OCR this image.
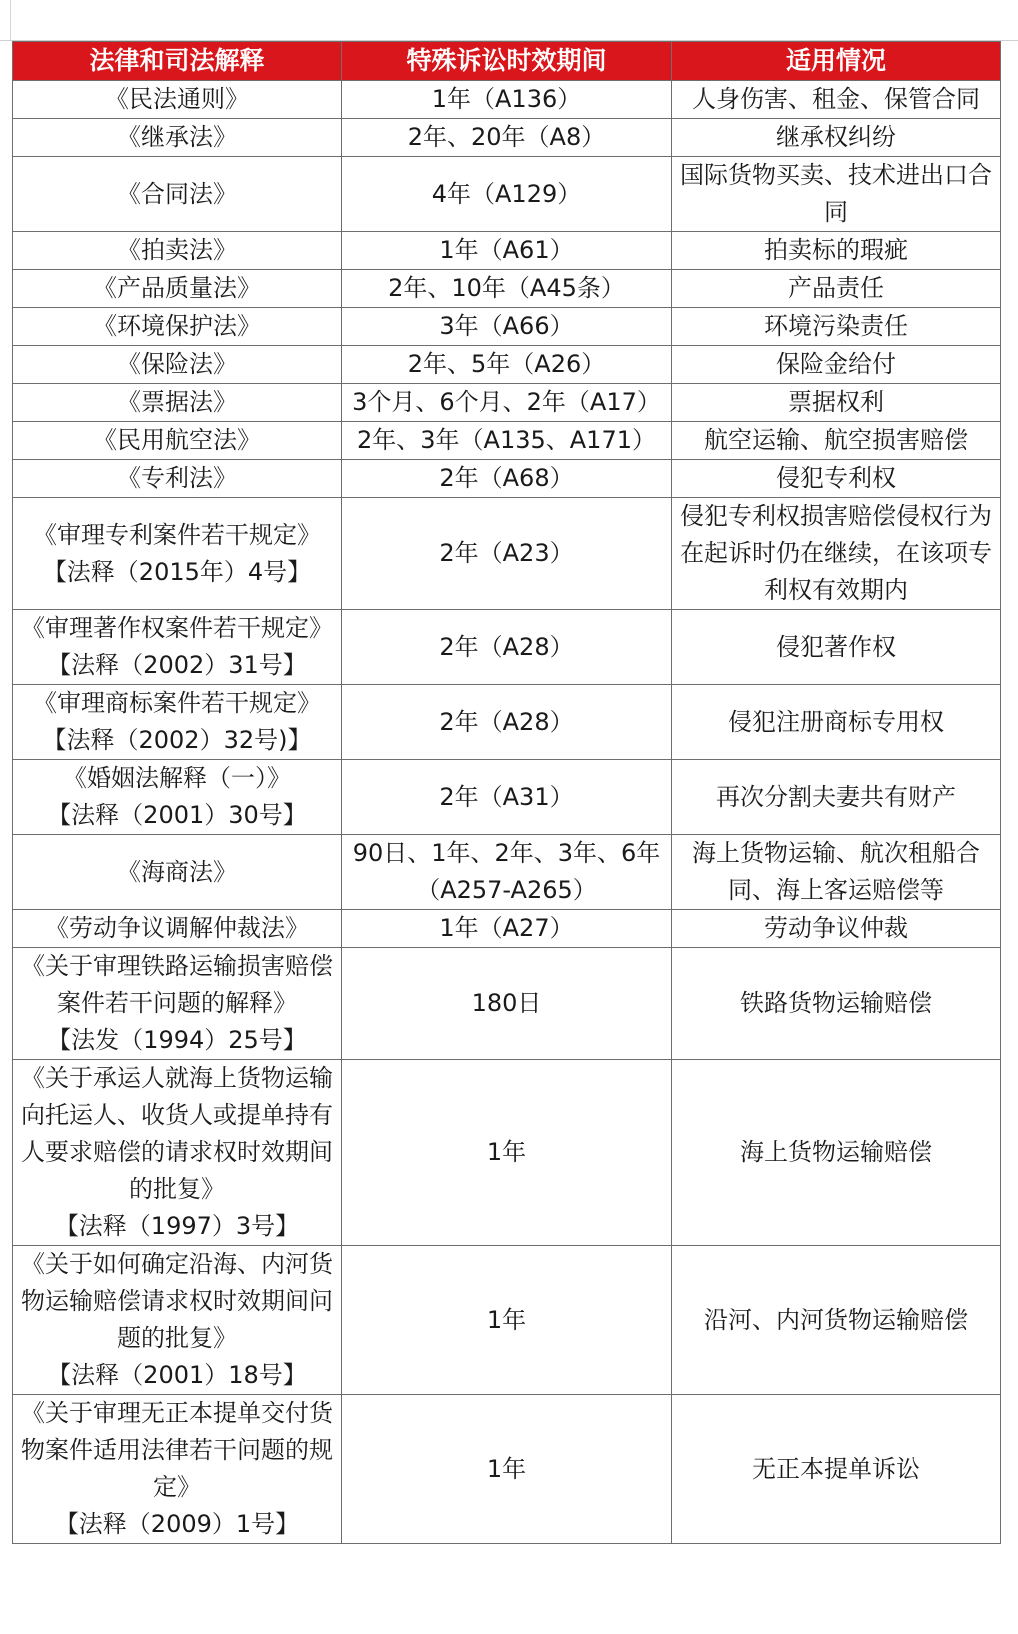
法律和司法解释	特殊诉讼时效期间	适用情况

《民法通则》	1年（A136）	人身伤害、租金、保管合同

《继承法》	2年、20年（A8）	继承权纠纷

《合同法》	4年（A129）	国际货物买卖、技术进出口合同

《拍卖法》	1年（A61）	拍卖标的瑕疵

《产品质量法》	2年、10年（A45条）	产品责任

《环境保护法》	3年（A66）	环境污染责任

《保险法》	2年、5年（A26）	保险金给付

《票据法》	3个月、6个月、2年（A17）	票据权利

《民用航空法》	2年、3年（A135、A171）	航空运输、航空损害赔偿

《专利法》	2年（A68）	侵犯专利权

《审理专利案件若干规定》
【法释（2015年）4号】	2年（A23）	侵犯专利权损害赔偿侵权行为在起诉时仍在继续，在该项专利权有效期内

《审理著作权案件若干规定》
【法释（2002）31号】	2年（A28）	侵犯著作权

《审理商标案件若干规定》
【法释（2002）32号)】	2年（A28）	侵犯注册商标专用权

《婚姻法解释（一）》
【法释（2001）30号】	2年（A31）	再次分割夫妻共有财产

《海商法》	90日、1年、2年、3年、6年（A257-A265）	海上货物运输、航次租船合同、海上客运赔偿等

《劳动争议调解仲裁法》	1年（A27）	劳动争议仲裁

《关于审理铁路运输损害赔偿案件若干问题的解释》
【法发（1994）25号】	180日	铁路货物运输赔偿

《关于承运人就海上货物运输向托运人、收货人或提单持有人要求赔偿的请求权时效期间的批复》
【法释（1997）3号】	1年	海上货物运输赔偿

《关于如何确定沿海、内河货物运输赔偿请求权时效期间问题的批复》
【法释（2001）18号】	1年	沿河、内河货物运输赔偿

《关于审理无正本提单交付货物案件适用法律若干问题的规定》
【法释（2009）1号】	1年	无正本提单诉讼
